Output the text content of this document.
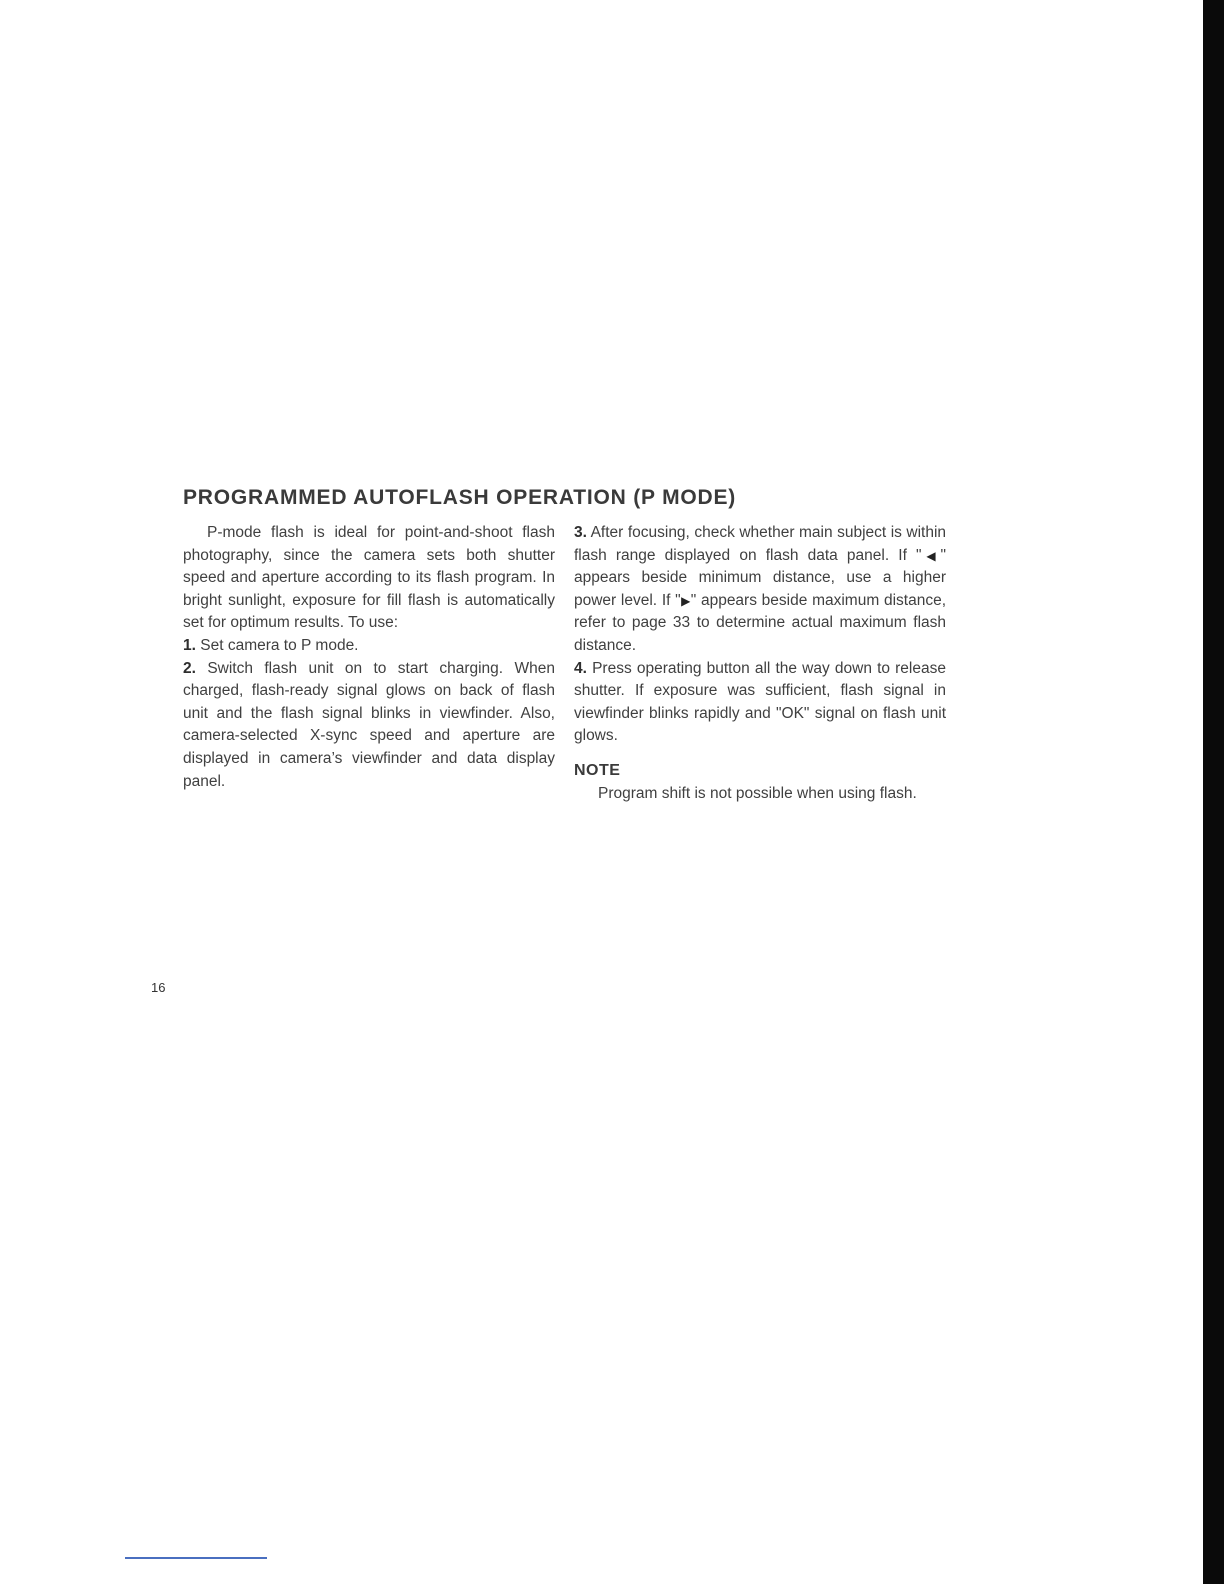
PROGRAMMED AUTOFLASH OPERATION (P MODE)

P-mode flash is ideal for point-and-shoot flash photography, since the camera sets both shutter speed and aperture according to its flash program. In bright sunlight, exposure for fill flash is automatically set for optimum results. To use:

1. Set camera to P mode.

2. Switch flash unit on to start charging. When charged, flash-ready signal glows on back of flash unit and the flash signal blinks in viewfinder. Also, camera-selected X-sync speed and aperture are displayed in camera’s viewfinder and data display panel.

3. After focusing, check whether main subject is within flash range displayed on flash data panel. If "◀" appears beside minimum distance, use a higher power level. If "▶" appears beside maximum distance, refer to page 33 to determine actual maximum flash distance.

4. Press operating button all the way down to release shutter. If exposure was sufficient, flash signal in viewfinder blinks rapidly and "OK" signal on flash unit glows.

NOTE

Program shift is not possible when using flash.

16
